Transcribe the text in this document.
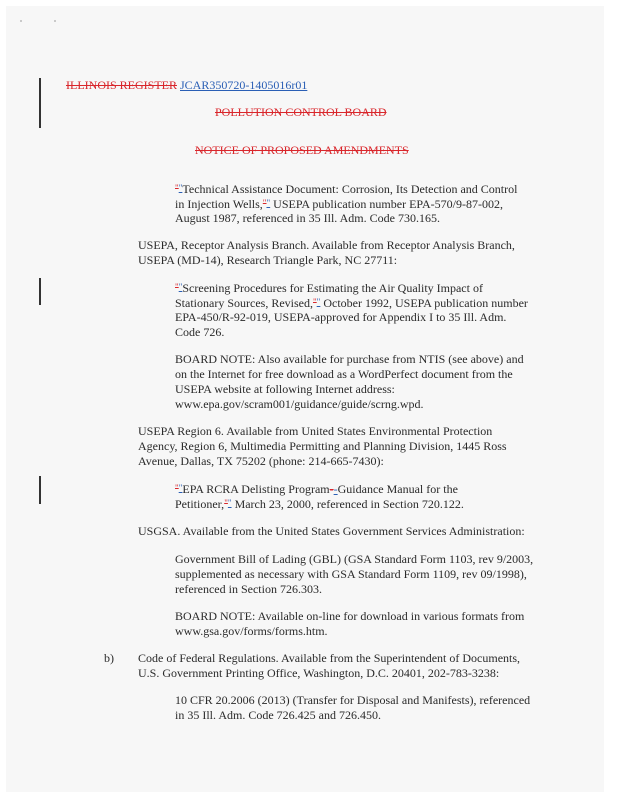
ILLINOIS REGISTER JCAR350720-1405016r01
POLLUTION CONTROL BOARD
NOTICE OF PROPOSED AMENDMENTS
""Technical Assistance Document: Corrosion, Its Detection and Control
in Injection Wells,"" USEPA publication number EPA-570/9-87-002,
August 1987, referenced in 35 Ill. Adm. Code 730.165.
USEPA, Receptor Analysis Branch. Available from Receptor Analysis Branch,
USEPA (MD-14), Research Triangle Park, NC 27711:
""Screening Procedures for Estimating the Air Quality Impact of
Stationary Sources, Revised,"" October 1992, USEPA publication number
EPA-450/R-92-019, USEPA-approved for Appendix I to 35 Ill. Adm.
Code 726.
BOARD NOTE: Also available for purchase from NTIS (see above) and
on the Internet for free download as a WordPerfect document from the
USEPA website at following Internet address:
www.epa.gov/scram001/guidance/guide/scrng.wpd.
USEPA Region 6. Available from United States Environmental Protection
Agency, Region 6, Multimedia Permitting and Planning Division, 1445 Ross
Avenue, Dallas, TX 75202 (phone: 214-665-7430):
""EPA RCRA Delisting Program--Guidance Manual for the
Petitioner,"" March 23, 2000, referenced in Section 720.122.
USGSA. Available from the United States Government Services Administration:
Government Bill of Lading (GBL) (GSA Standard Form 1103, rev 9/2003,
supplemented as necessary with GSA Standard Form 1109, rev 09/1998),
referenced in Section 726.303.
BOARD NOTE: Available on-line for download in various formats from
www.gsa.gov/forms/forms.htm.
b) Code of Federal Regulations. Available from the Superintendent of Documents,
U.S. Government Printing Office, Washington, D.C. 20401, 202-783-3238:
10 CFR 20.2006 (2013) (Transfer for Disposal and Manifests), referenced
in 35 Ill. Adm. Code 726.425 and 726.450.
